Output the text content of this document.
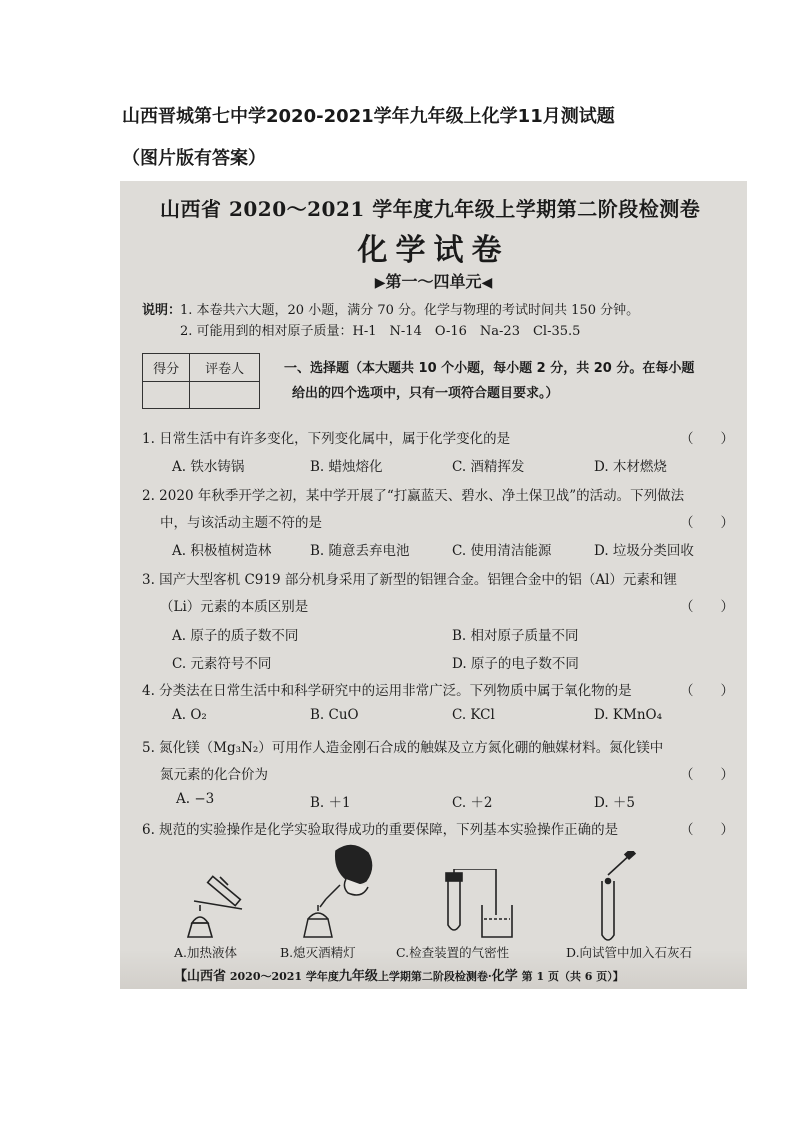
山西晋城第七中学2020-2021学年九年级上化学11月测试题
（图片版有答案）
山西省 2020～2021 学年度九年级上学期第二阶段检测卷
化学试卷
▶第一～四单元◀
说明：
1. 本卷共六大题，20 小题，满分 70 分。化学与物理的考试时间共 150 分钟。
2. 可能用到的相对原子质量：H-1　N-14　O-16　Na-23　Cl-35.5
得分	评卷人
		一、选择题（本大题共 10 个小题，每小题 2 分，共 20 分。在每小题
给出的四个选项中，只有一项符合题目要求。）
1. 日常生活中有许多变化，下列变化属中，属于化学变化的是	（　　）
A. 铁水铸锅	B. 蜡烛熔化	C. 酒精挥发	D. 木材燃烧
2. 2020 年秋季开学之初，某中学开展了“打赢蓝天、碧水、净土保卫战”的活动。下列做法
中，与该活动主题不符的是	（　　）
A. 积极植树造林	B. 随意丢弃电池	C. 使用清洁能源	D. 垃圾分类回收
3. 国产大型客机 C919 部分机身采用了新型的铝锂合金。铝锂合金中的铝（Al）元素和锂
（Li）元素的本质区别是	（　　）
A. 原子的质子数不同	B. 相对原子质量不同
C. 元素符号不同	D. 原子的电子数不同
4. 分类法在日常生活中和科学研究中的运用非常广泛。下列物质中属于氧化物的是	（　　）
A. O₂	B. CuO	C. KCl	D. KMnO₄
5. 氮化镁（Mg₃N₂）可用作人造金刚石合成的触媒及立方氮化硼的触媒材料。氮化镁中
氮元素的化合价为	（　　）
A. −3	B. ＋1	C. ＋2	D. ＋5
6. 规范的实验操作是化学实验取得成功的重要保障，下列基本实验操作正确的是	（　　）
A.加热液体	B.熄灭酒精灯	C.检查装置的气密性	D.向试管中加入石灰石
【山西省 2020～2021 学年度九年级上学期第二阶段检测卷·化学 第 1 页（共 6 页）】
